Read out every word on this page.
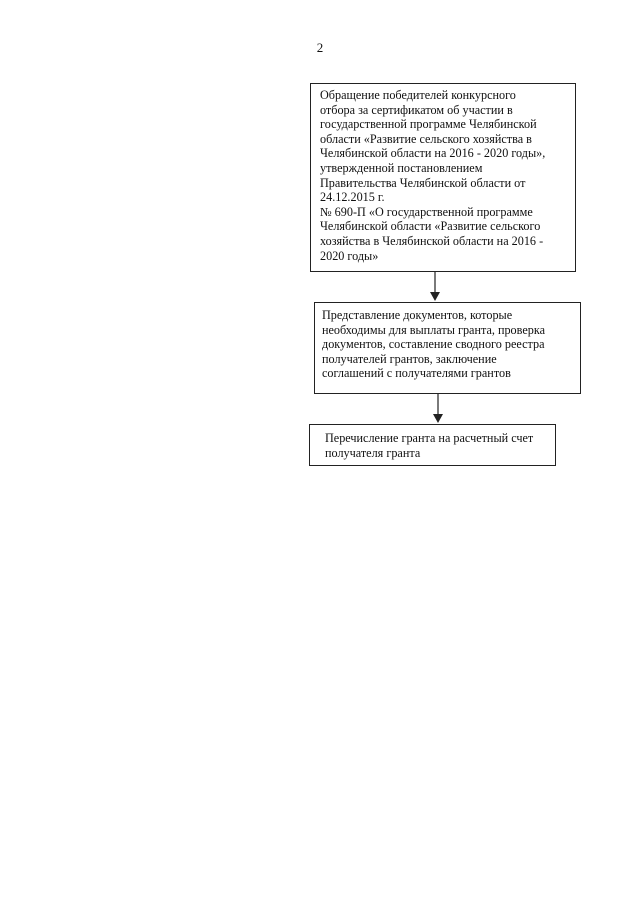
2

Обращение победителей конкурсного
отбора за сертификатом об участии в
государственной программе Челябинской
области «Развитие сельского хозяйства в
Челябинской области на 2016 - 2020 годы»,
утвержденной постановлением
Правительства Челябинской области от
24.12.2015 г.
№ 690-П «О государственной программе
Челябинской области «Развитие сельского
хозяйства в Челябинской области на 2016 -
2020 годы»

Представление документов, которые
необходимы для выплаты гранта, проверка
документов, составление сводного реестра
получателей грантов, заключение
соглашений с получателями грантов

Перечисление гранта на расчетный счет
получателя гранта
